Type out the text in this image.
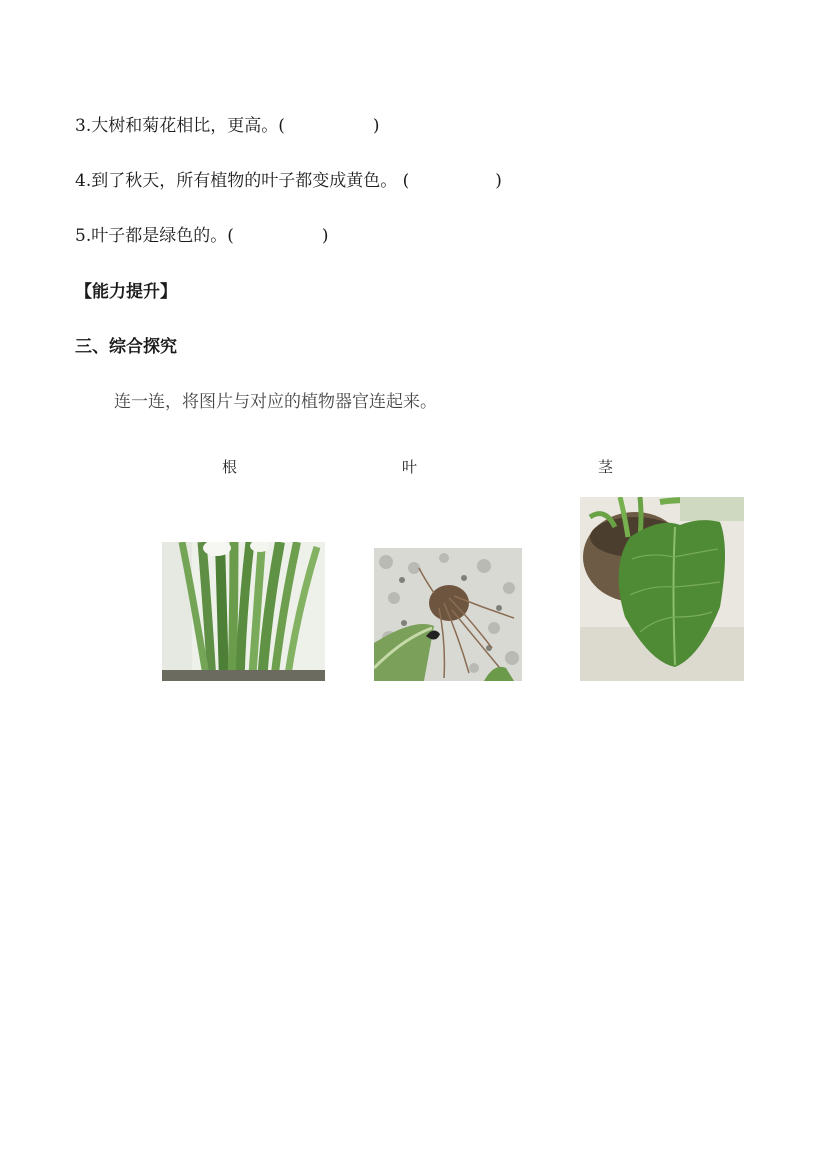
3.大树和菊花相比，更高。(	)
4.到了秋天，所有植物的叶子都变成黄色。 (	)
5.叶子都是绿色的。(	)
【能力提升】
三、综合探究
连一连，将图片与对应的植物器官连起来。
根	叶	茎
